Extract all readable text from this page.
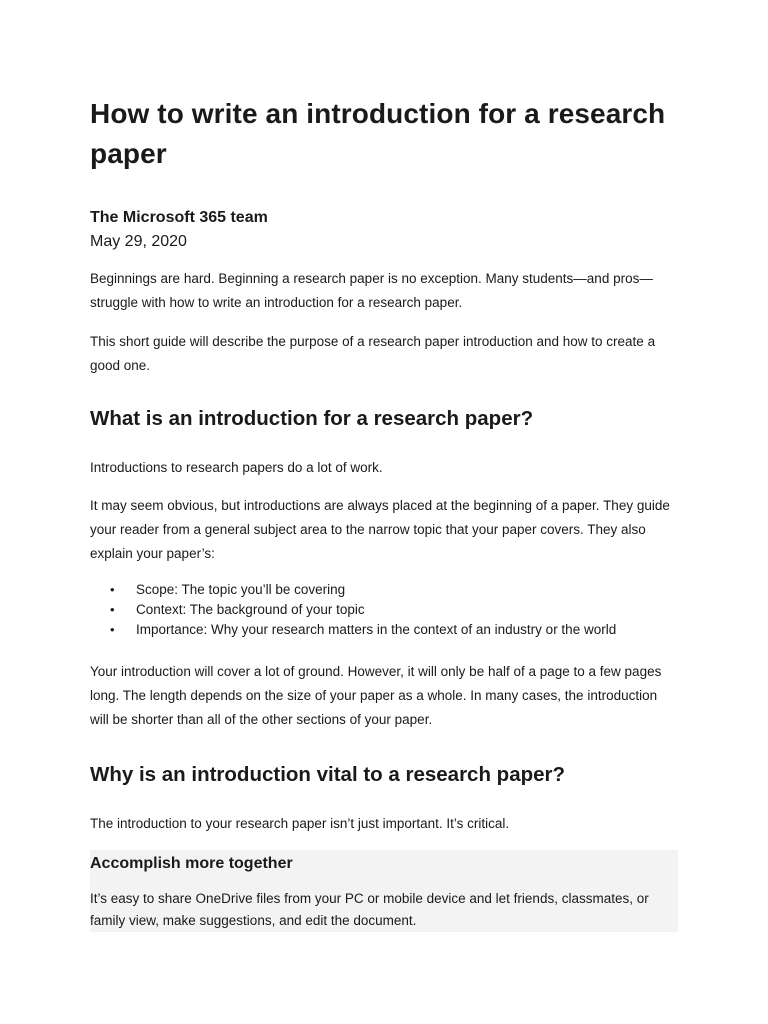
How to write an introduction for a research paper
The Microsoft 365 team
May 29, 2020

Beginnings are hard. Beginning a research paper is no exception. Many students—and pros—struggle with how to write an introduction for a research paper.

This short guide will describe the purpose of a research paper introduction and how to create a good one.

What is an introduction for a research paper?

Introductions to research papers do a lot of work.

It may seem obvious, but introductions are always placed at the beginning of a paper. They guide your reader from a general subject area to the narrow topic that your paper covers. They also explain your paper’s:

• Scope: The topic you’ll be covering
• Context: The background of your topic
• Importance: Why your research matters in the context of an industry or the world

Your introduction will cover a lot of ground. However, it will only be half of a page to a few pages long. The length depends on the size of your paper as a whole. In many cases, the introduction will be shorter than all of the other sections of your paper.

Why is an introduction vital to a research paper?

The introduction to your research paper isn’t just important. It’s critical.

Accomplish more together

It’s easy to share OneDrive files from your PC or mobile device and let friends, classmates, or family view, make suggestions, and edit the document.
